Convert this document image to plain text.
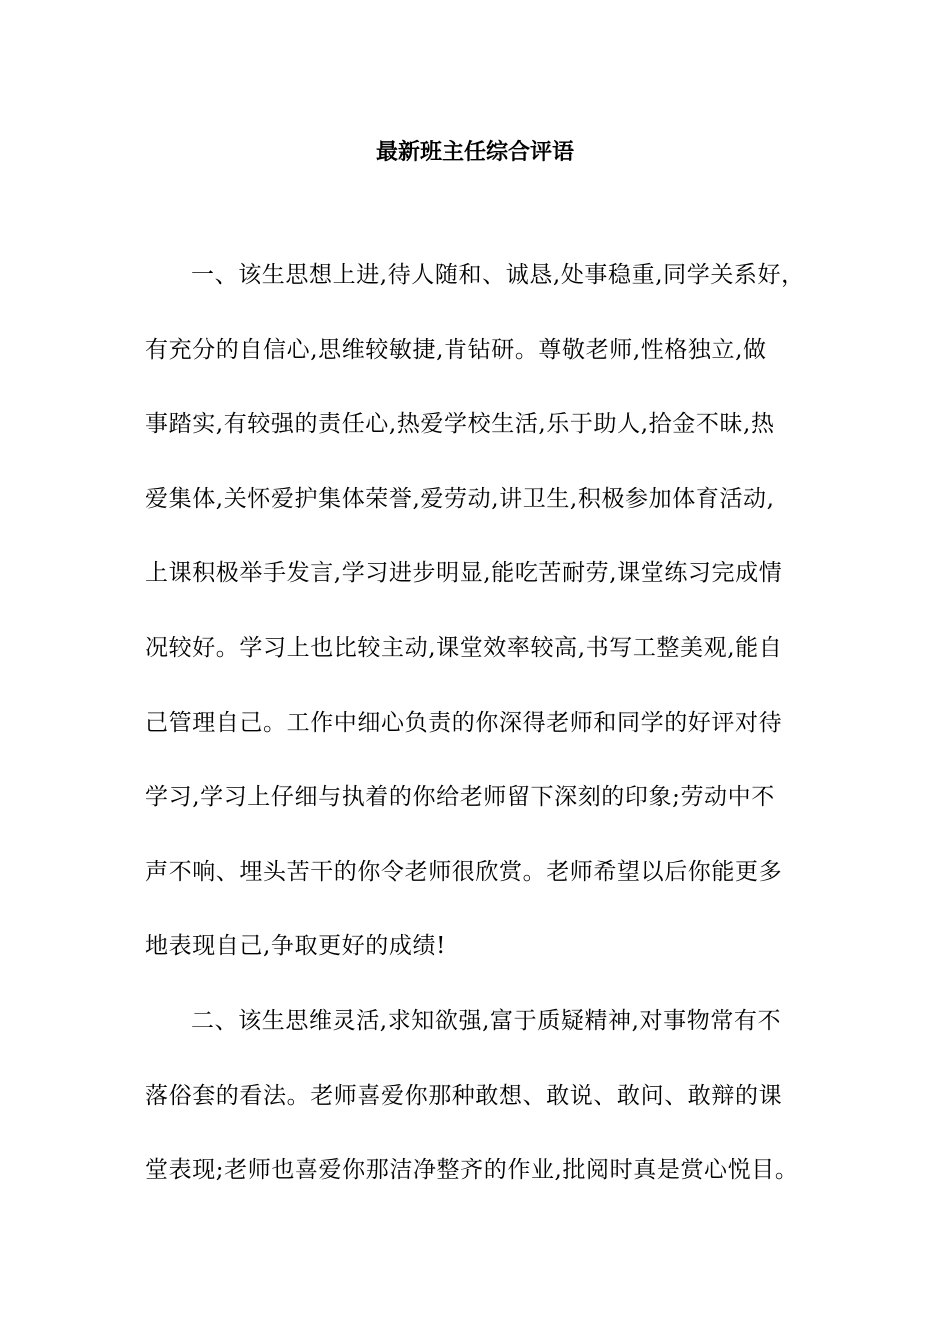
最新班主任综合评语
一、该生思想上进,待人随和、诚恳,处事稳重,同学关系好，
有充分的自信心,思维较敏捷,肯钻研。尊敬老师,性格独立,做
事踏实,有较强的责任心,热爱学校生活,乐于助人,拾金不昧,热
爱集体,关怀爱护集体荣誉,爱劳动,讲卫生,积极参加体育活动,
上课积极举手发言,学习进步明显,能吃苦耐劳,课堂练习完成情
况较好。学习上也比较主动,课堂效率较高,书写工整美观,能自
己管理自己。工作中细心负责的你深得老师和同学的好评对待
学习,学习上仔细与执着的你给老师留下深刻的印象;劳动中不
声不响、埋头苦干的你令老师很欣赏。老师希望以后你能更多
地表现自己,争取更好的成绩!
二、该生思维灵活,求知欲强,富于质疑精神,对事物常有不
落俗套的看法。老师喜爱你那种敢想、敢说、敢问、敢辩的课
堂表现;老师也喜爱你那洁净整齐的作业,批阅时真是赏心悦目。
